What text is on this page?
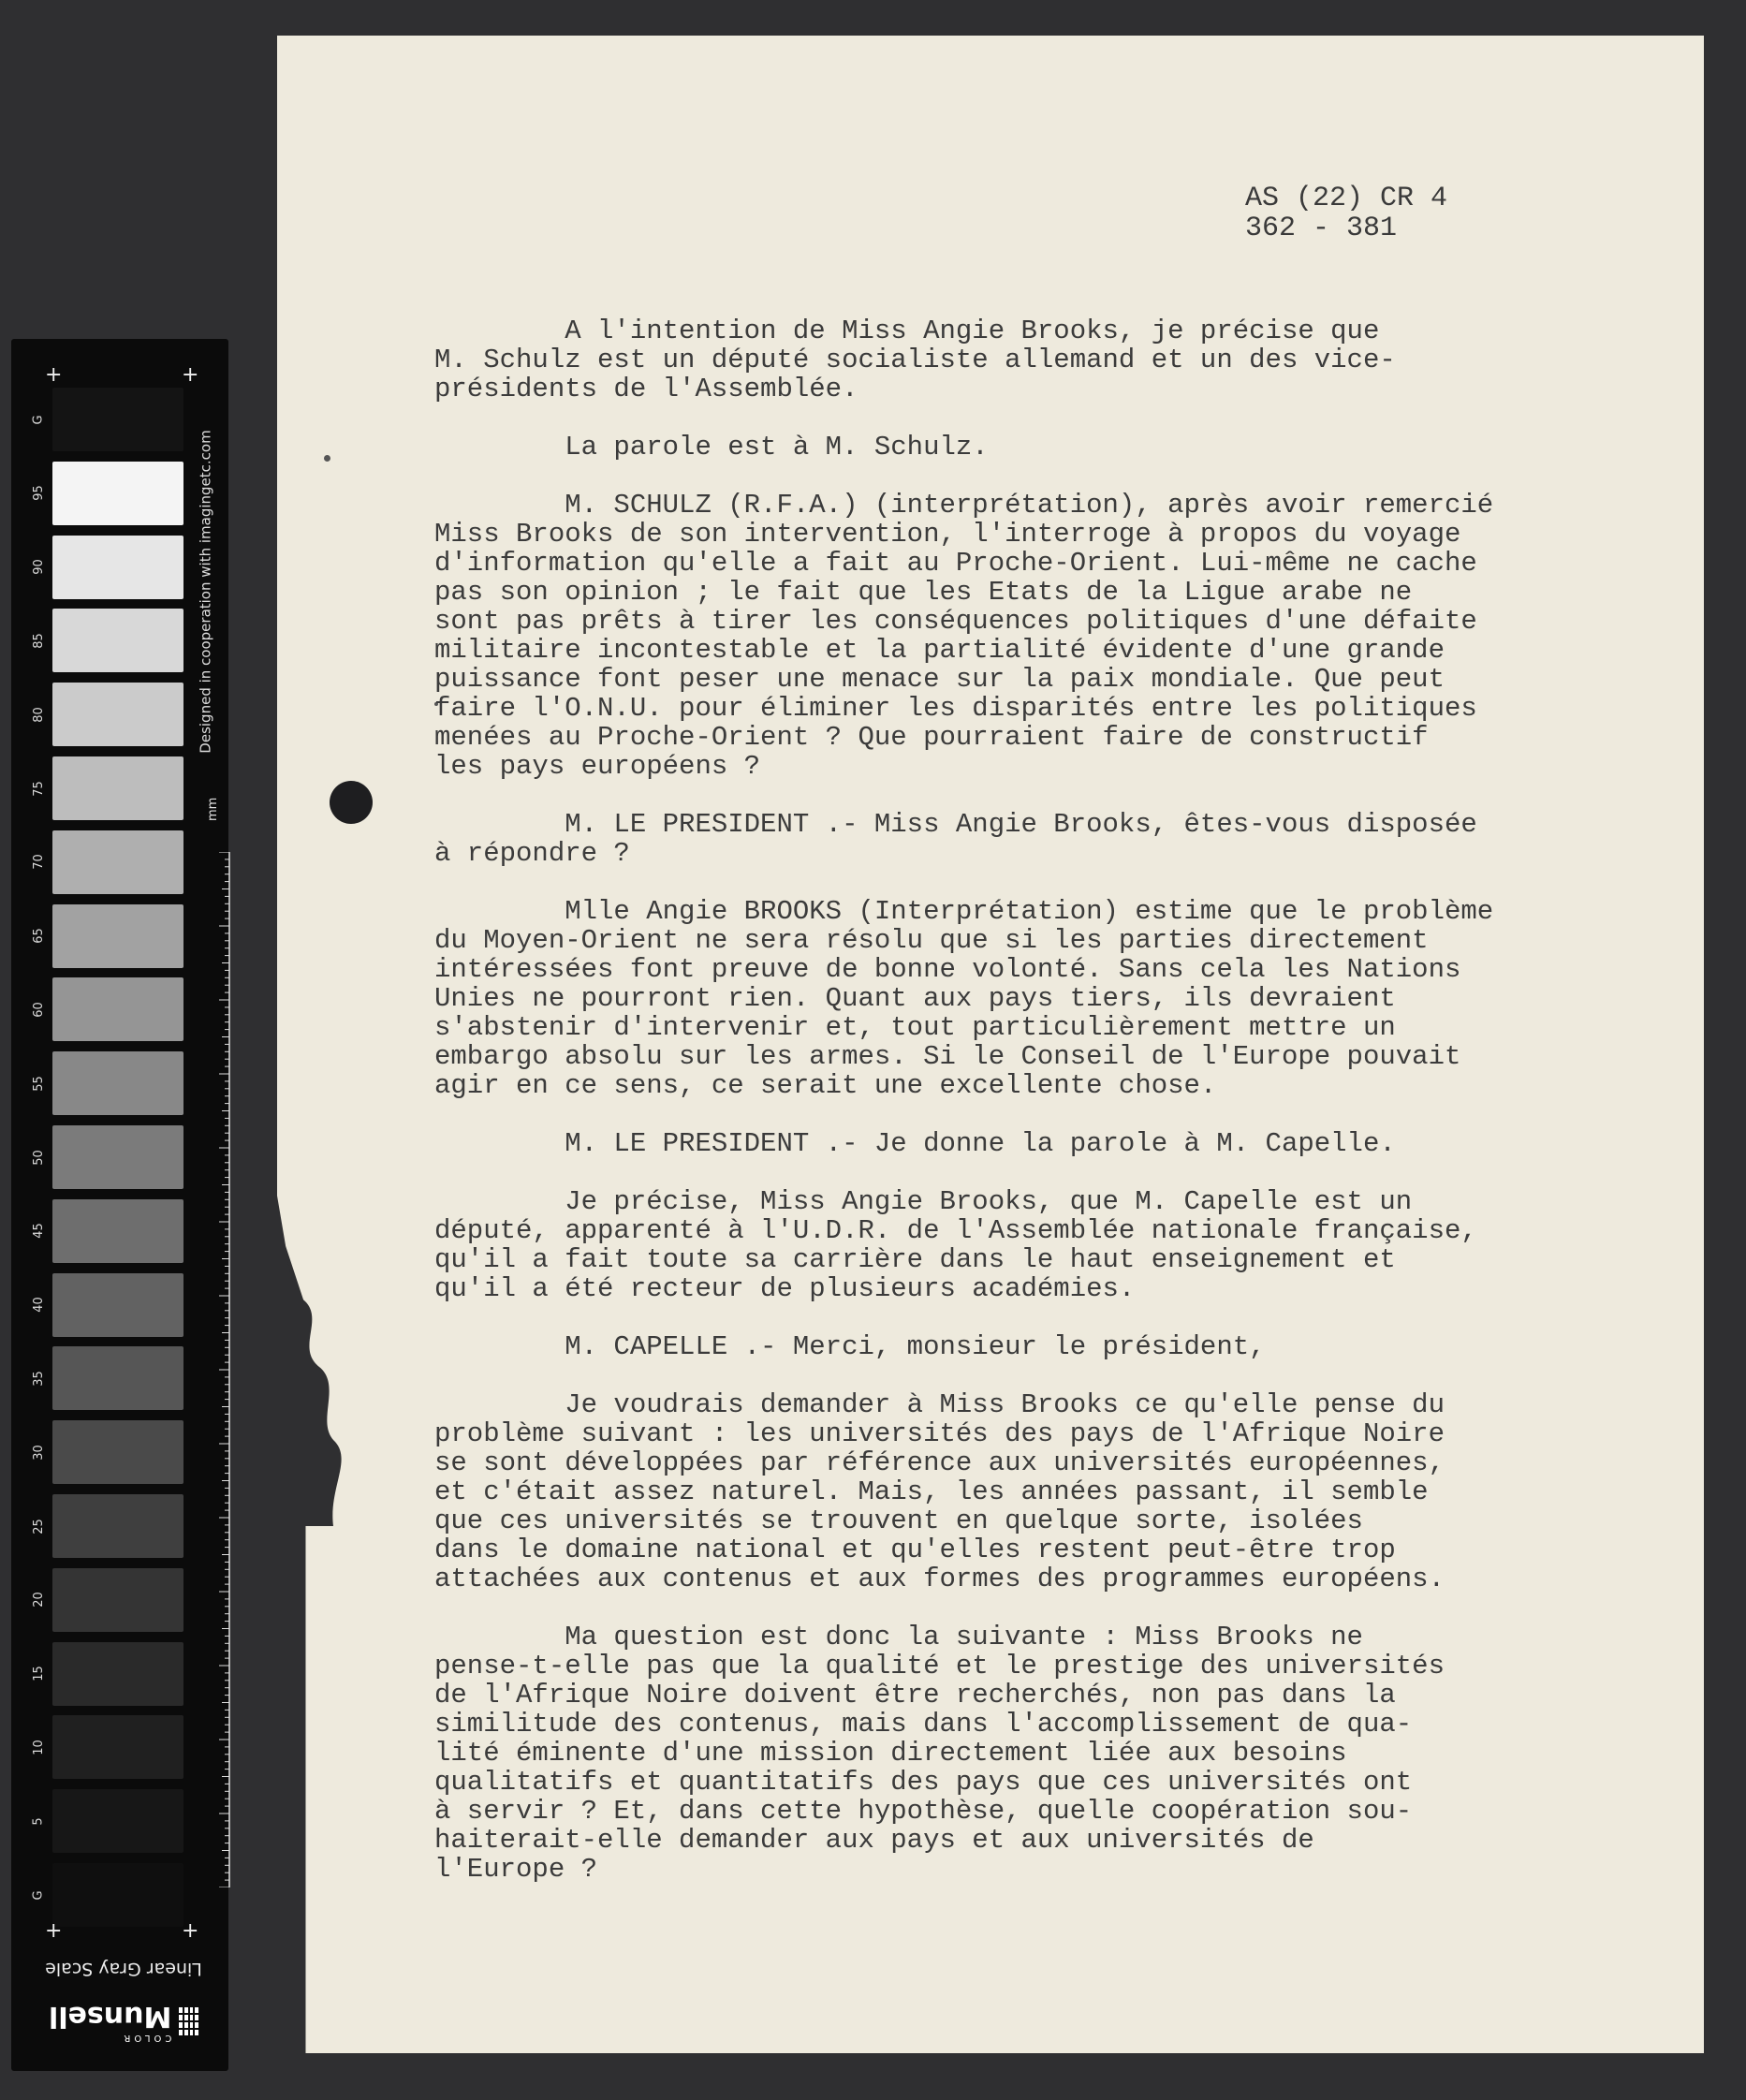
+	+
G
95
90
85
80
75
70
65
60
55
50
45
40
35
30
25
20
15
10
5
G
Designed in cooperation with imagingetc.com
mm
+	+
Linear Gray Scale
COLOR
Munsell
AS (22) CR 4
362 - 381
A l'intention de Miss Angie Brooks, je précise que
M. Schulz est un député socialiste allemand et un des vice-
présidents de l'Assemblée.
La parole est à M. Schulz.
M. SCHULZ (R.F.A.) (interprétation), après avoir remercié
Miss Brooks de son intervention, l'interroge à propos du voyage
d'information qu'elle a fait au Proche-Orient. Lui-même ne cache
pas son opinion ; le fait que les Etats de la Ligue arabe ne
sont pas prêts à tirer les conséquences politiques d'une défaite
militaire incontestable et la partialité évidente d'une grande
puissance font peser une menace sur la paix mondiale. Que peut
faire l'O.N.U. pour éliminer les disparités entre les politiques
menées au Proche-Orient ? Que pourraient faire de constructif
les pays européens ?
M. LE PRESIDENT .- Miss Angie Brooks, êtes-vous disposée
à répondre ?
Mlle Angie BROOKS (Interprétation) estime que le problème
du Moyen-Orient ne sera résolu que si les parties directement
intéressées font preuve de bonne volonté. Sans cela les Nations
Unies ne pourront rien. Quant aux pays tiers, ils devraient
s'abstenir d'intervenir et, tout particulièrement mettre un
embargo absolu sur les armes. Si le Conseil de l'Europe pouvait
agir en ce sens, ce serait une excellente chose.
M. LE PRESIDENT .- Je donne la parole à M. Capelle.
Je précise, Miss Angie Brooks, que M. Capelle est un
député, apparenté à l'U.D.R. de l'Assemblée nationale française,
qu'il a fait toute sa carrière dans le haut enseignement et
qu'il a été recteur de plusieurs académies.
M. CAPELLE .- Merci, monsieur le président,
Je voudrais demander à Miss Brooks ce qu'elle pense du
problème suivant : les universités des pays de l'Afrique Noire
se sont développées par référence aux universités européennes,
et c'était assez naturel. Mais, les années passant, il semble
que ces universités se trouvent en quelque sorte, isolées
dans le domaine national et qu'elles restent peut-être trop
attachées aux contenus et aux formes des programmes européens.
Ma question est donc la suivante : Miss Brooks ne
pense-t-elle pas que la qualité et le prestige des universités
de l'Afrique Noire doivent être recherchés, non pas dans la
similitude des contenus, mais dans l'accomplissement de qua-
lité éminente d'une mission directement liée aux besoins
qualitatifs et quantitatifs des pays que ces universités ont
à servir ? Et, dans cette hypothèse, quelle coopération sou-
haiterait-elle demander aux pays et aux universités de
l'Europe ?
